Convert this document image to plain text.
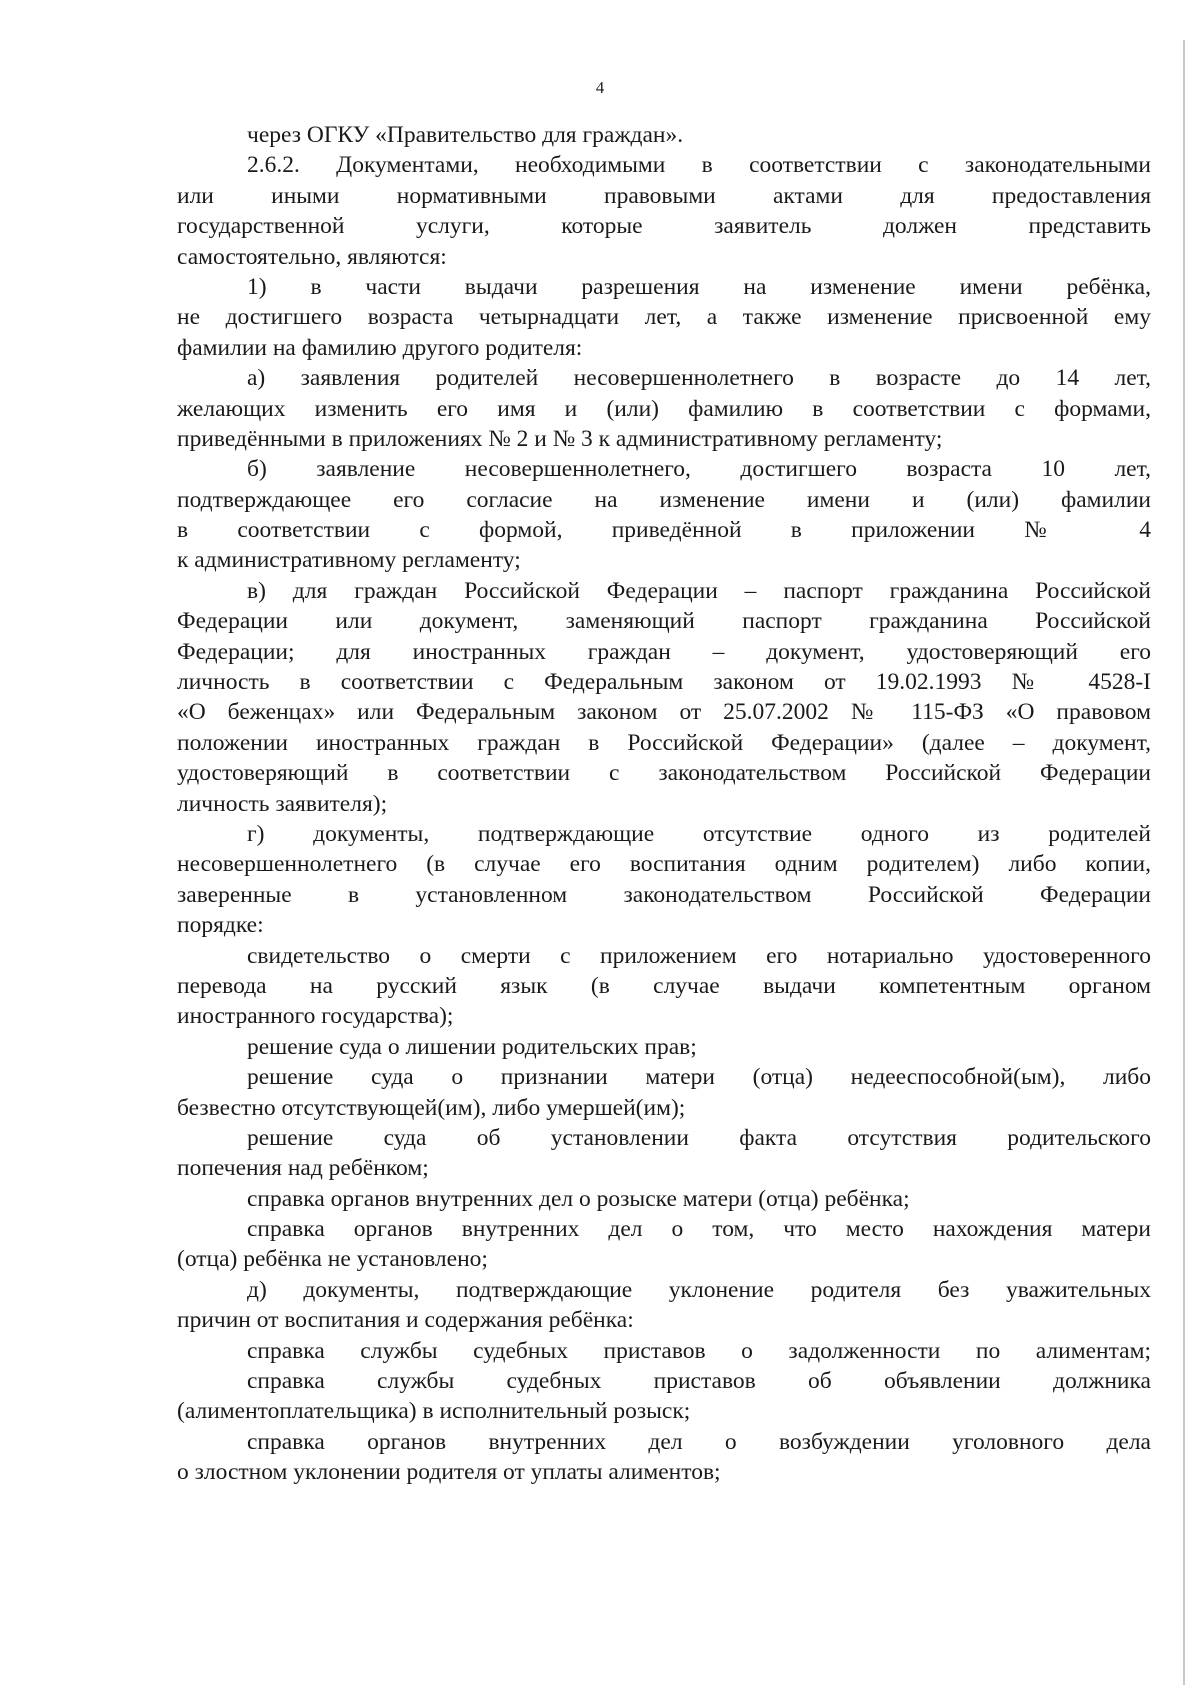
4
через ОГКУ «Правительство для граждан».
2.6.2. Документами, необходимыми в соответствии с законодательными
или иными нормативными правовыми актами для предоставления
государственной услуги, которые заявитель должен представить
самостоятельно, являются:
1) в части выдачи разрешения на изменение имени ребёнка,
не достигшего возраста четырнадцати лет, а также изменение присвоенной ему
фамилии на фамилию другого родителя:
а) заявления родителей несовершеннолетнего в возрасте до 14 лет,
желающих изменить его имя и (или) фамилию в соответствии с формами,
приведёнными в приложениях № 2 и № 3 к административному регламенту;
б) заявление несовершеннолетнего, достигшего возраста 10 лет,
подтверждающее его согласие на изменение имени и (или) фамилии
в соответствии с формой, приведённой в приложении № 4
к административному регламенту;
в) для граждан Российской Федерации – паспорт гражданина Российской
Федерации или документ, заменяющий паспорт гражданина Российской
Федерации; для иностранных граждан – документ, удостоверяющий его
личность в соответствии с Федеральным законом от 19.02.1993 № 4528-I
«О беженцах» или Федеральным законом от 25.07.2002 № 115-ФЗ «О правовом
положении иностранных граждан в Российской Федерации» (далее – документ,
удостоверяющий в соответствии с законодательством Российской Федерации
личность заявителя);
г) документы, подтверждающие отсутствие одного из родителей
несовершеннолетнего (в случае его воспитания одним родителем) либо копии,
заверенные в установленном законодательством Российской Федерации
порядке:
свидетельство о смерти с приложением его нотариально удостоверенного
перевода на русский язык (в случае выдачи компетентным органом
иностранного государства);
решение суда о лишении родительских прав;
решение суда о признании матери (отца) недееспособной(ым), либо
безвестно отсутствующей(им), либо умершей(им);
решение суда об установлении факта отсутствия родительского
попечения над ребёнком;
справка органов внутренних дел о розыске матери (отца) ребёнка;
справка органов внутренних дел о том, что место нахождения матери
(отца) ребёнка не установлено;
д) документы, подтверждающие уклонение родителя без уважительных
причин от воспитания и содержания ребёнка:
справка службы судебных приставов о задолженности по алиментам;
справка службы судебных приставов об объявлении должника
(алиментоплательщика) в исполнительный розыск;
справка органов внутренних дел о возбуждении уголовного дела
о злостном уклонении родителя от уплаты алиментов;
